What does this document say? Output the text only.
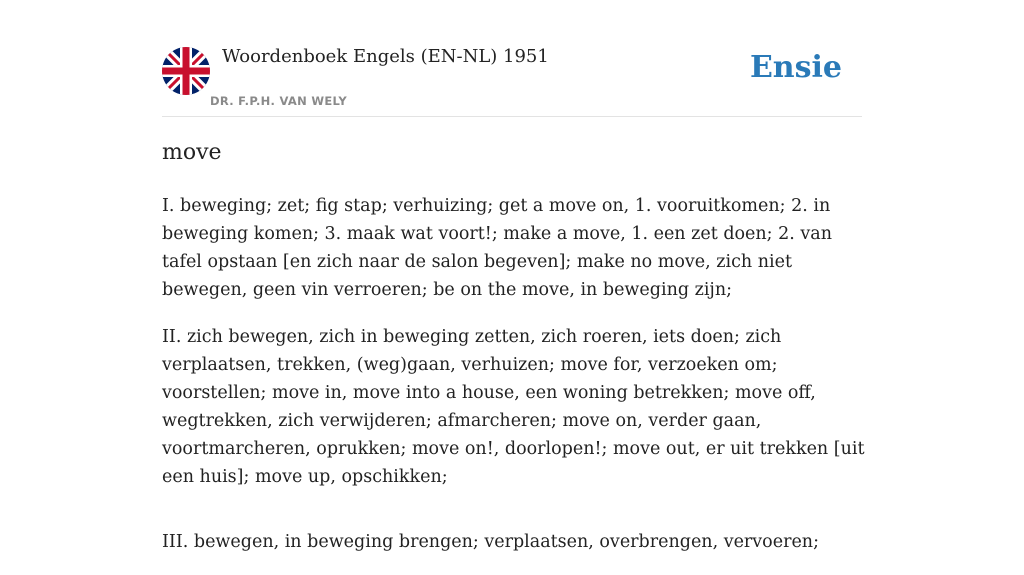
Woordenboek Engels (EN-NL) 1951
DR. F.P.H. VAN WELY
Ensie
move

I. beweging; zet; fig stap; verhuizing; get a move on, 1. vooruitkomen; 2. in beweging komen; 3. maak wat voort!; make a move, 1. een zet doen; 2. van tafel opstaan [en zich naar de salon begeven]; make no move, zich niet bewegen, geen vin verroeren; be on the move, in beweging zijn;

II. zich bewegen, zich in beweging zetten, zich roeren, iets doen; zich verplaatsen, trekken, (weg)gaan, verhuizen; move for, verzoeken om; voorstellen; move in, move into a house, een woning betrekken; move off, wegtrekken, zich verwijderen; afmarcheren; move on, verder gaan, voortmarcheren, oprukken; move on!, doorlopen!; move out, er uit trekken [uit een huis]; move up, opschikken;

III. bewegen, in beweging brengen; verplaatsen, overbrengen, vervoeren;
